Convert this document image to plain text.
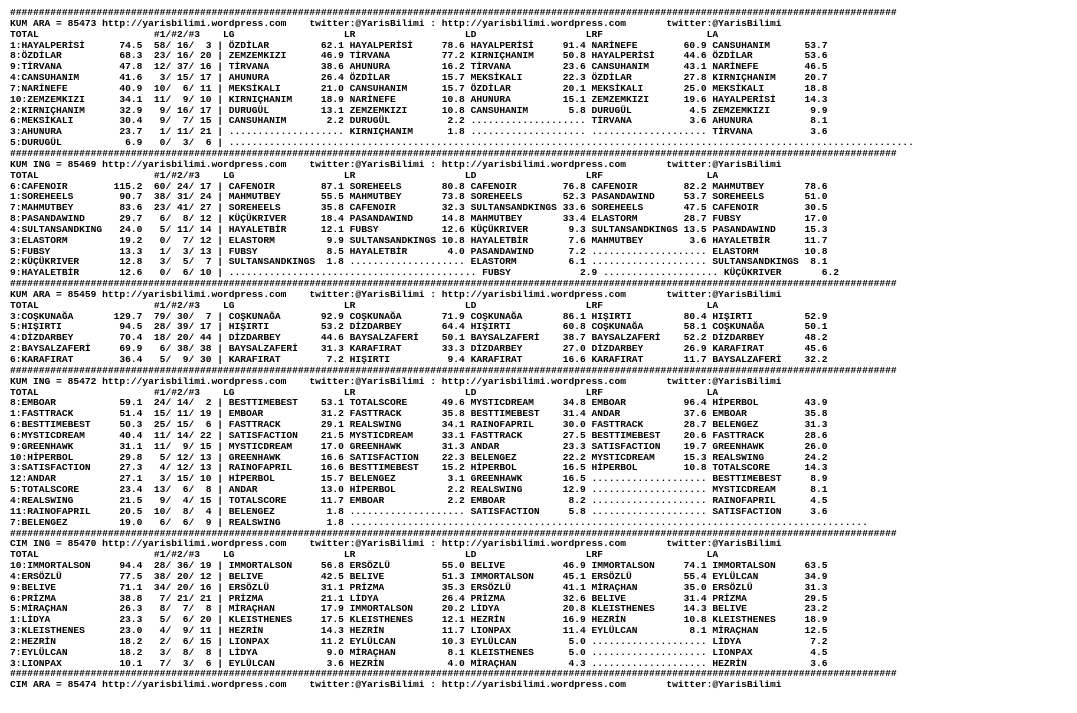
##########################################################################################################################################################
KUM ARA = 85473 http://yarisbilimi.wordpress.com    twitter:@YarisBilimi : http://yarisbilimi.wordpress.com       twitter:@YarisBilimi
TOTAL                    #1/#2/#3    LG                   LR                   LD                   LRF                  LA
1:HAYALPERİSİ      74.5  58/ 16/  3 | ÖZDİLAR         62.1 HAYALPERİSİ     78.6 HAYALPERİSİ     91.4 NARİNEFE        60.9 CANSUHANIM      53.7
8:ÖZDİLAR          68.3  23/ 16/ 20 | ZEMZEMKIZI      46.9 TİRVANA         77.2 KIRNIÇHANIM     50.8 HAYALPERİSİ     44.6 ÖZDİLAR         53.6
9:TİRVANA          47.8  12/ 37/ 16 | TİRVANA         38.6 AHUNURA         16.2 TİRVANA         23.6 CANSUHANIM      43.1 NARİNEFE        46.5
4:CANSUHANIM       41.6   3/ 15/ 17 | AHUNURA         26.4 ÖZDİLAR         15.7 MEKSİKALI       22.3 ÖZDİLAR         27.8 KIRNIÇHANIM     20.7
7:NARİNEFE         40.9  10/  6/ 11 | MEKSİKALI       21.0 CANSUHANIM      15.7 ÖZDİLAR         20.1 MEKSİKALI       25.0 MEKSİKALI       18.8
10:ZEMZEMKIZI      34.1  11/  9/ 10 | KIRNIÇHANIM     18.9 NARİNEFE        10.8 AHUNURA         15.1 ZEMZEMKIZI      19.6 HAYALPERİSİ     14.3
2:KIRNIÇHANIM      32.9   9/ 16/ 17 | DURUGÜL         13.1 ZEMZEMKIZI      10.8 CANSUHANIM       5.8 DURUGÜL          4.5 ZEMZEMKIZI       9.9
6:MEKSİKALI        30.4   9/  7/ 15 | CANSUHANIM       2.2 DURUGÜL          2.2 .................... TİRVANA          3.6 AHUNURA          8.1
3:AHUNURA          23.7   1/ 11/ 21 | .................... KIRNIÇHANIM      1.8 .................... .................... TİRVANA          3.6
5:DURUGÜL           6.9   0/  3/  6 | .......................................................................................................................
##########################################################################################################################################################
KUM ING = 85469 http://yarisbilimi.wordpress.com    twitter:@YarisBilimi : http://yarisbilimi.wordpress.com       twitter:@YarisBilimi
TOTAL                    #1/#2/#3    LG                   LR                   LD                   LRF                  LA
6:CAFENOIR        115.2  60/ 24/ 17 | CAFENOIR        87.1 SOREHEELS       80.8 CAFENOIR        76.8 CAFENOIR        82.2 MAHMUTBEY       78.6
1:SOREHEELS        90.7  38/ 31/ 24 | MAHMUTBEY       55.5 MAHMUTBEY       73.8 SOREHEELS       52.3 PASANDAWIND     53.7 SOREHEELS       51.0
7:MAHMUTBEY        83.6  23/ 41/ 27 | SOREHEELS       35.8 CAFENOIR        32.3 SULTANSANDKINGS 33.6 SOREHEELS       47.5 CAFENOIR        30.5
8:PASANDAWIND      29.7   6/  8/ 12 | KÜÇÜKRIVER      18.4 PASANDAWIND     14.8 MAHMUTBEY       33.4 ELASTORM        28.7 FUBSY           17.0
4:SULTANSANDKING   24.0   5/ 11/ 14 | HAYALETBİR      12.1 FUBSY           12.6 KÜÇÜKRIVER       9.3 SULTANSANDKINGS 13.5 PASANDAWIND     15.3
3:ELASTORM         19.2   0/  7/ 12 | ELASTORM         9.9 SULTANSANDKINGS 10.8 HAYALETBİR       7.6 MAHMUTBEY        3.6 HAYALETBİR      11.7
5:FUBSY            13.3   1/  3/ 13 | FUBSY            8.5 HAYALETBİR       4.0 PASANDAWIND      7.2 .................... ELASTORM        10.8
2:KÜÇÜKRIVER       12.8   3/  5/  7 | SULTANSANDKINGS  1.8 .................... ELASTORM         6.1 .................... SULTANSANDKINGS  8.1
9:HAYALETBİR       12.6   0/  6/ 10 | ........................................... FUBSY            2.9 .................... KÜÇÜKRIVER       6.2
##########################################################################################################################################################
KUM ARA = 85459 http://yarisbilimi.wordpress.com    twitter:@YarisBilimi : http://yarisbilimi.wordpress.com       twitter:@YarisBilimi
TOTAL                    #1/#2/#3    LG                   LR                   LD                   LRF                  LA
3:COŞKUNAĞA       129.7  79/ 30/  7 | COŞKUNAĞA       92.9 COŞKUNAĞA       71.9 COŞKUNAĞA       86.1 HIŞIRTI         80.4 HIŞIRTI         52.9
5:HIŞIRTI          94.5  28/ 39/ 17 | HIŞIRTI         53.2 DİZDARBEY       64.4 HIŞIRTI         60.8 COŞKUNAĞA       58.1 COŞKUNAĞA       50.1
4:DİZDARBEY        70.4  18/ 20/ 44 | DİZDARBEY       44.6 BAYSALZAFERİ    50.1 BAYSALZAFERİ    38.7 BAYSALZAFERİ    52.2 DİZDARBEY       48.2
2:BAYSALZAFERİ     69.9   6/ 38/ 38 | BAYSALZAFERİ    31.3 KARAFIRAT       33.3 DİZDARBEY       27.0 DİZDARBEY       26.9 KARAFIRAT       45.6
6:KARAFIRAT        36.4   5/  9/ 30 | KARAFIRAT        7.2 HIŞIRTI          9.4 KARAFIRAT       16.6 KARAFIRAT       11.7 BAYSALZAFERİ    32.2
##########################################################################################################################################################
KUM ING = 85472 http://yarisbilimi.wordpress.com    twitter:@YarisBilimi : http://yarisbilimi.wordpress.com       twitter:@YarisBilimi
TOTAL                    #1/#2/#3    LG                   LR                   LD                   LRF                  LA
8:EMBOAR           59.1  24/ 14/  2 | BESTTIMEBEST    53.1 TOTALSCORE      49.6 MYSTICDREAM     34.8 EMBOAR          96.4 HİPERBOL        43.9
1:FASTTRACK        51.4  15/ 11/ 19 | EMBOAR          31.2 FASTTRACK       35.8 BESTTIMEBEST    31.4 ANDAR           37.6 EMBOAR          35.8
6:BESTTIMEBEST     50.3  25/ 15/  6 | FASTTRACK       29.1 REALSWING       34.1 RAINOFAPRIL     30.0 FASTTRACK       28.7 BELENGEZ        31.3
6:MYSTICDREAM      40.4  11/ 14/ 22 | SATISFACTION    21.5 MYSTICDREAM     33.1 FASTTRACK       27.5 BESTTIMEBEST    20.6 FASTTRACK       28.6
9:GREENHAWK        31.1  11/  9/ 15 | MYSTICDREAM     17.0 GREENHAWK       31.3 ANDAR           23.3 SATISFACTION    19.7 GREENHAWK       26.0
10:HİPERBOL        29.8   5/ 12/ 13 | GREENHAWK       16.6 SATISFACTION    22.3 BELENGEZ        22.2 MYSTICDREAM     15.3 REALSWING       24.2
3:SATISFACTION     27.3   4/ 12/ 13 | RAINOFAPRIL     16.6 BESTTIMEBEST    15.2 HİPERBOL        16.5 HİPERBOL        10.8 TOTALSCORE      14.3
12:ANDAR           27.1   3/ 15/ 10 | HİPERBOL        15.7 BELENGEZ         3.1 GREENHAWK       16.5 .................... BESTTIMEBEST     8.9
5:TOTALSCORE       23.4  13/  6/  8 | ANDAR           13.0 HİPERBOL         2.2 REALSWING       12.9 .................... MYSTICDREAM      8.1
4:REALSWING        21.5   9/  4/ 15 | TOTALSCORE      11.7 EMBOAR           2.2 EMBOAR           8.2 .................... RAINOFAPRIL      4.5
11:RAINOFAPRIL     20.5  10/  8/  4 | BELENGEZ         1.8 .................... SATISFACTION     5.8 .................... SATISFACTION     3.6
7:BELENGEZ         19.0   6/  6/  9 | REALSWING        1.8 ..........................................................................................
##########################################################################################################################################################
CIM ING = 85470 http://yarisbilimi.wordpress.com    twitter:@YarisBilimi : http://yarisbilimi.wordpress.com       twitter:@YarisBilimi
TOTAL                    #1/#2/#3    LG                   LR                   LD                   LRF                  LA
10:IMMORTALSON     94.4  28/ 36/ 19 | IMMORTALSON     56.8 ERSÖZLÜ         55.0 BELIVE          46.9 IMMORTALSON     74.1 IMMORTALSON     63.5
4:ERSÖZLÜ          77.5  38/ 20/ 12 | BELIVE          42.5 BELIVE          51.3 IMMORTALSON     45.1 ERSÖZLÜ         55.4 EYLÜLCAN        34.9
9:BELIVE           71.1  34/ 20/ 16 | ERSÖZLÜ         31.1 PRİZMA          35.3 ERSÖZLÜ         41.1 MİRAÇHAN        35.0 ERSÖZLÜ         31.3
6:PRİZMA           38.8   7/ 21/ 21 | PRİZMA          21.1 LİDYA           26.4 PRİZMA          32.6 BELIVE          31.4 PRİZMA          29.5
5:MİRAÇHAN         26.3   8/  7/  8 | MİRAÇHAN        17.9 IMMORTALSON     20.2 LİDYA           20.8 KLEISTHENES     14.3 BELIVE          23.2
1:LİDYA            23.3   5/  6/ 20 | KLEISTHENES     17.5 KLEISTHENES     12.1 HEZRİN          16.9 HEZRİN          10.8 KLEISTHENES     18.9
3:KLEISTHENES      23.0   4/  9/ 11 | HEZRİN          14.3 HEZRİN          11.7 LIONPAX         11.4 EYLÜLCAN         8.1 MİRAÇHAN        12.5
2:HEZRİN           18.2   2/  6/ 15 | LIONPAX         11.2 EYLÜLCAN        10.3 EYLÜLCAN         5.0 .................... LİDYA            7.2
7:EYLÜLCAN         18.2   3/  8/  8 | LİDYA            9.0 MİRAÇHAN         8.1 KLEISTHENES      5.0 .................... LIONPAX          4.5
3:LIONPAX          10.1   7/  3/  6 | EYLÜLCAN         3.6 HEZRİN           4.0 MİRAÇHAN         4.3 .................... HEZRİN           3.6
##########################################################################################################################################################
CIM ARA = 85474 http://yarisbilimi.wordpress.com    twitter:@YarisBilimi : http://yarisbilimi.wordpress.com       twitter:@YarisBilimi
